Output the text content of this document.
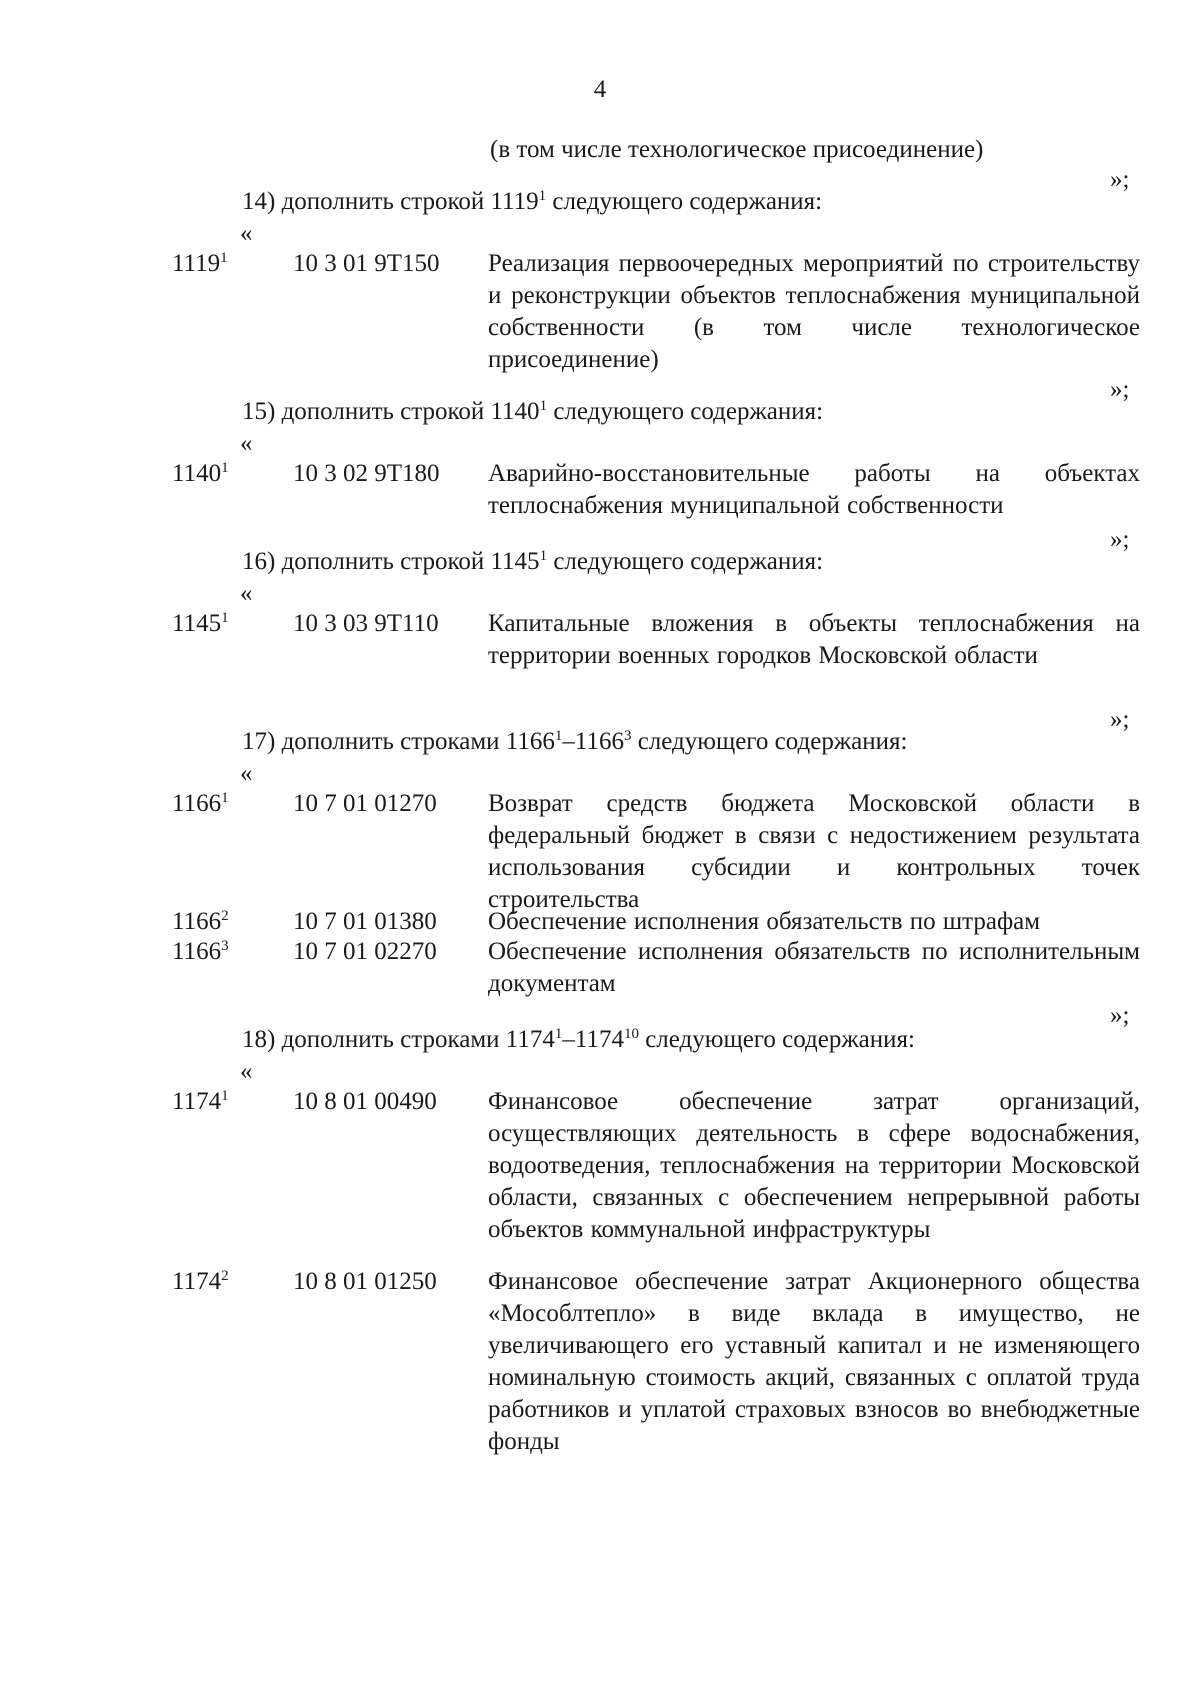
4
(в том числе технологическое присоединение)
»;
14) дополнить строкой 1119$^1$ следующего содержания:
«
1119$^1$	10 3 01 9Т150 Реализация первоочередных мероприятий по строительству и реконструкции объектов теплоснабжения муниципальной собственности (в том числе технологическое присоединение)
»;
15) дополнить строкой 1140$^1$ следующего содержания:
«
1140$^1$	10 3 02 9Т180 Аварийно-восстановительные работы на объектах теплоснабжения муниципальной собственности
»;
16) дополнить строкой 1145$^1$ следующего содержания:
«
1145$^1$	10 3 03 9Т110 Капитальные вложения в объекты теплоснабжения на территории военных городков Московской области
»;
17) дополнить строками 1166$^1$–1166$^3$ следующего содержания:
«
1166$^1$	10 7 01 01270 Возврат средств бюджета Московской области в федеральный бюджет в связи с недостижением результата использования субсидии и контрольных точек строительства
1166$^2$	10 7 01 01380 Обеспечение исполнения обязательств по штрафам
1166$^3$	10 7 01 02270 Обеспечение исполнения обязательств по исполнительным документам
»;
18) дополнить строками 1174$^1$–1174$^{10}$ следующего содержания:
«
1174$^1$	10 8 01 00490 Финансовое обеспечение затрат организаций, осуществляющих деятельность в сфере водоснабжения, водоотведения, теплоснабжения на территории Московской области, связанных с обеспечением непрерывной работы объектов коммунальной инфраструктуры
1174$^2$	10 8 01 01250 Финансовое обеспечение затрат Акционерного общества «Мособлтепло» в виде вклада в имущество, не увеличивающего его уставный капитал и не изменяющего номинальную стоимость акций, связанных с оплатой труда работников и уплатой страховых взносов во внебюджетные фонды
